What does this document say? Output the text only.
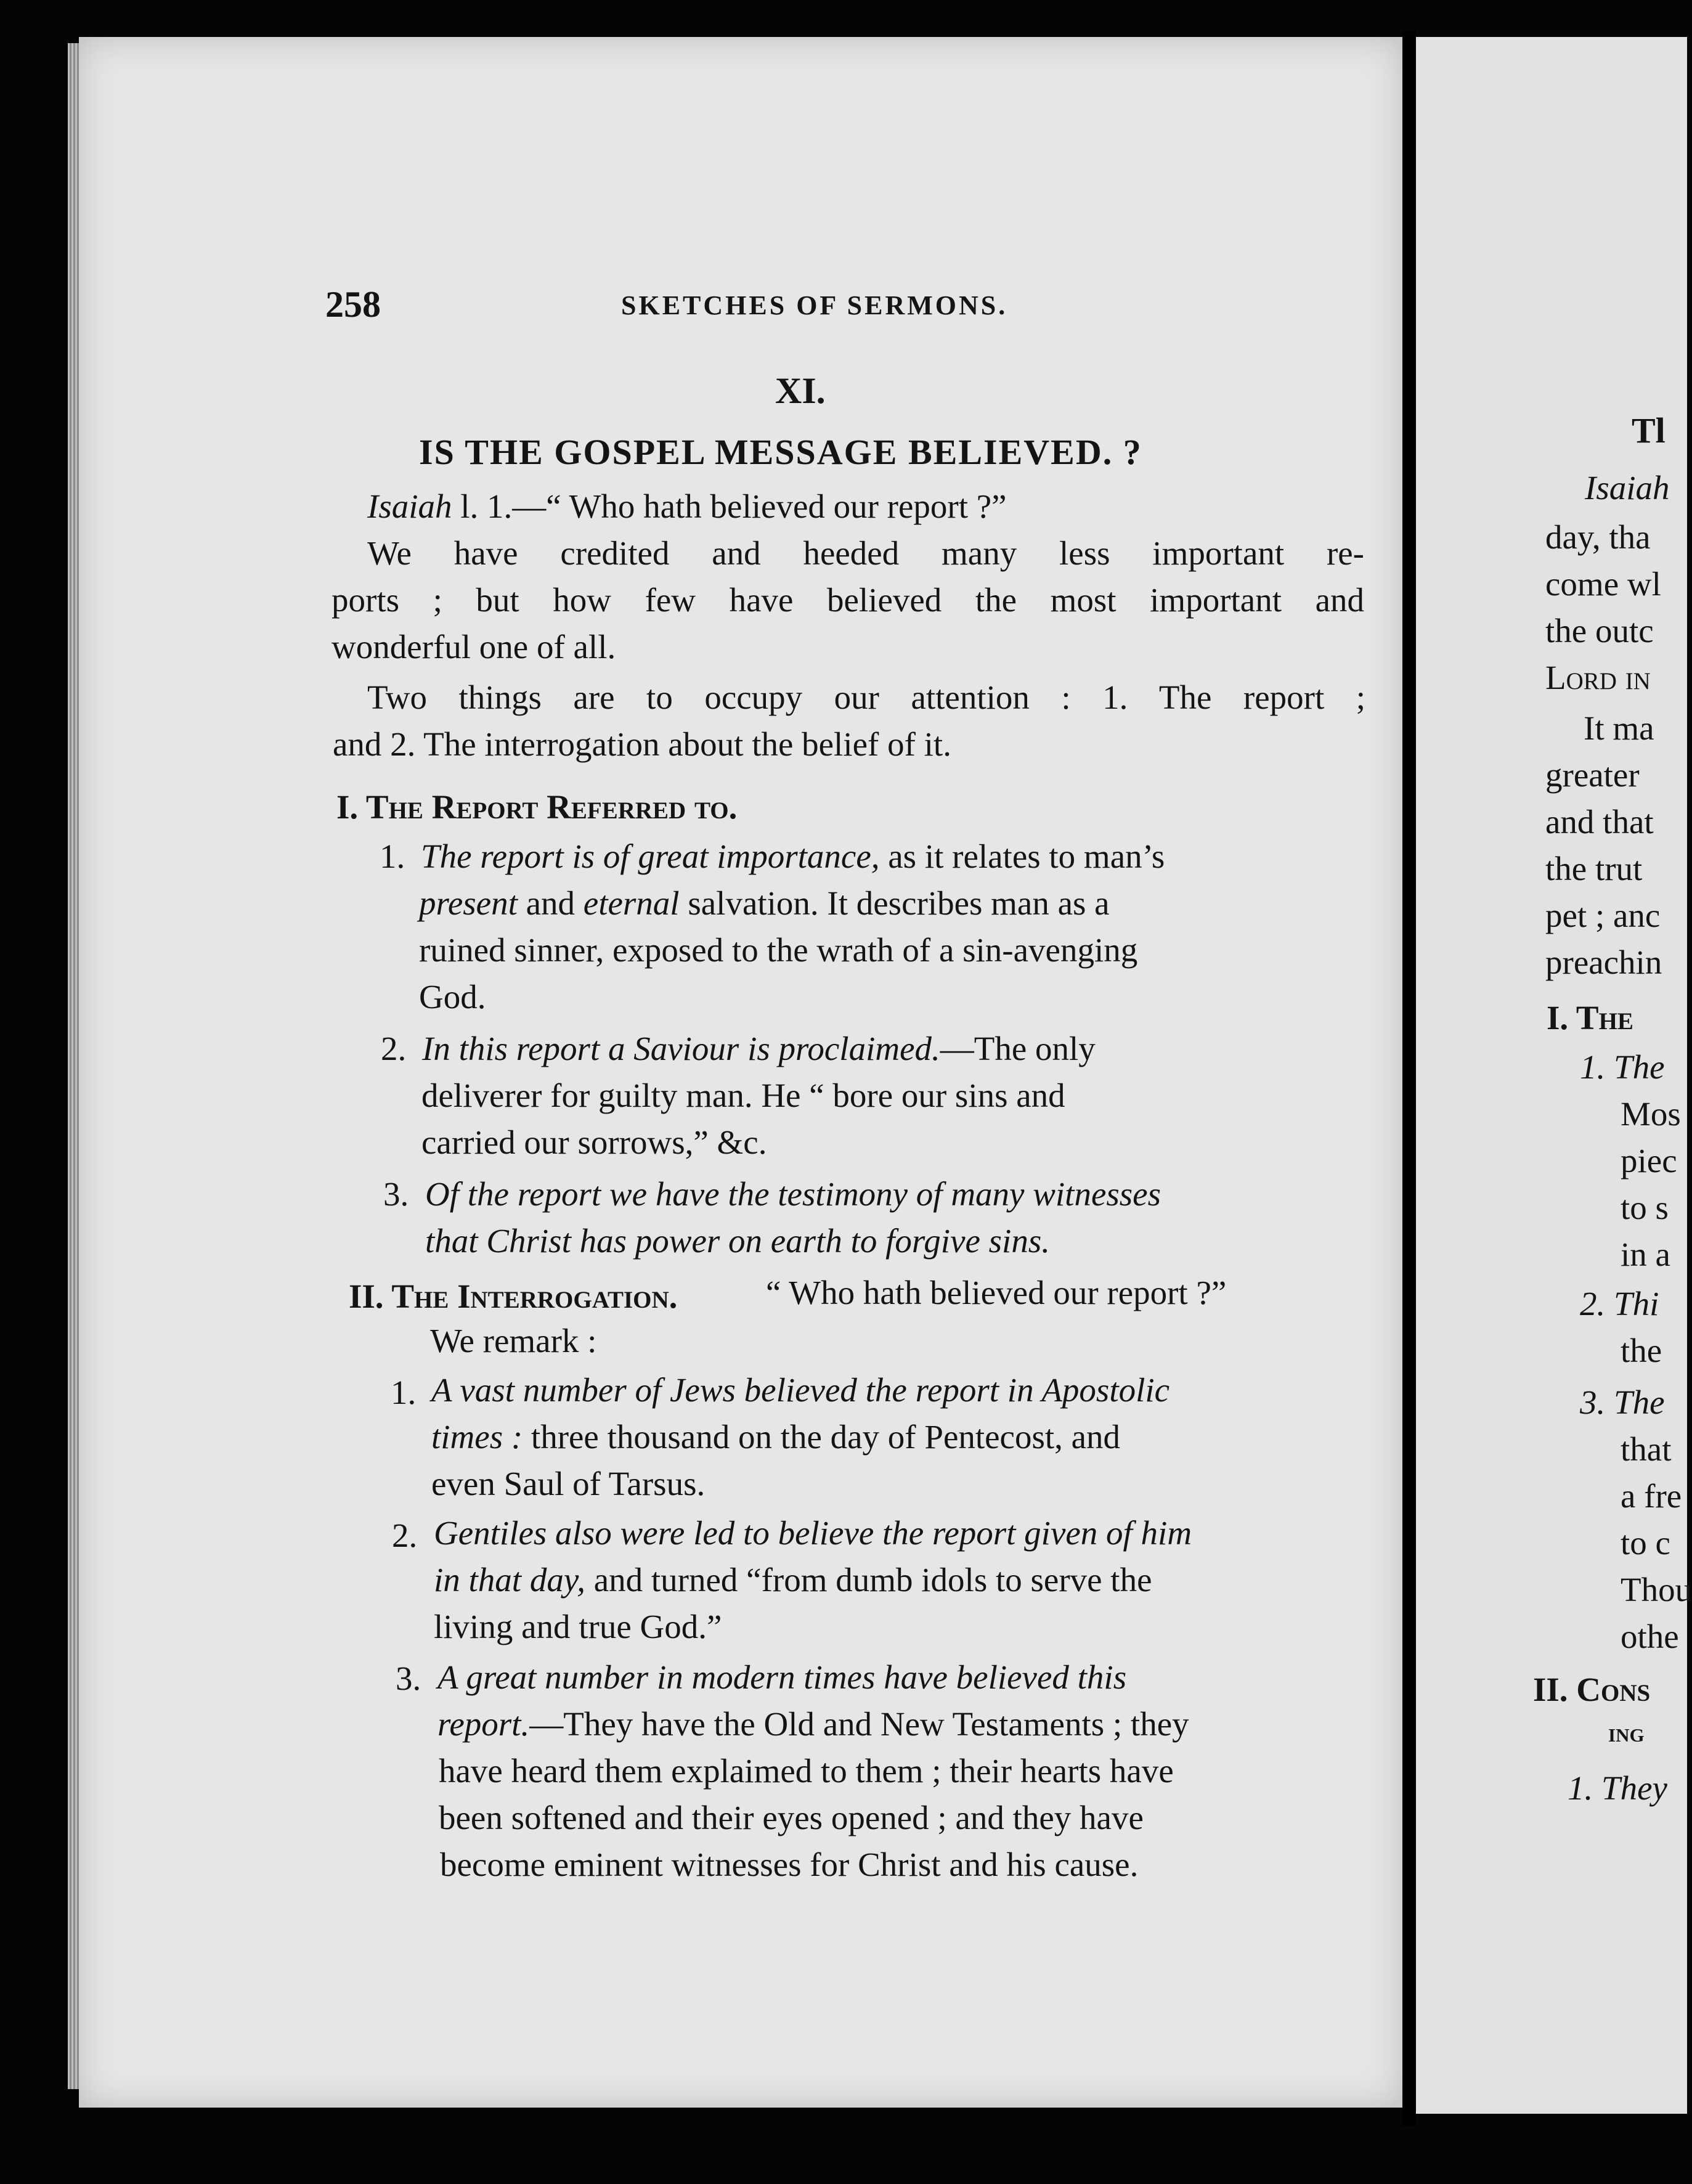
258	SKETCHES OF SERMONS.
XI.
IS THE GOSPEL MESSAGE BELIEVED. ?
Isaiah l. 1.—“ Who hath believed our report ?”
We have credited and heeded many less important re-
ports ; but how few have believed the most important and
wonderful one of all.
Two things are to occupy our attention : 1. The report ;
and 2. The interrogation about the belief of it.
I. The Report Referred to.
1. The report is of great importance, as it relates to man’s
present and eternal salvation. It describes man as a
ruined sinner, exposed to the wrath of a sin-avenging
God.
2. In this report a Saviour is proclaimed.—The only
deliverer for guilty man. He “ bore our sins and
carried our sorrows,” &c.
3. Of the report we have the testimony of many witnesses
that Christ has power on earth to forgive sins.
II. The Interrogation.	“ Who hath believed our report ?”
We remark :
1. A vast number of Jews believed the report in Apostolic
times : three thousand on the day of Pentecost, and
even Saul of Tarsus.
2. Gentiles also were led to believe the report given of him
in that day, and turned “from dumb idols to serve the
living and true God.”
3. A great number in modern times have believed this
report.—They have the Old and New Testaments ; they
have heard them explaimed to them ; their hearts have
been softened and their eyes opened ; and they have
become eminent witnesses for Christ and his cause.
Tl
Isaiah
day, tha
come wl
the outc
Lord in
It ma
greater
and that
the trut
pet ; anc
preachin
I. The
1. The
Mos
piec
to s
in a
2. Thi
the
3. The
that
a fre
to c
Thou
othe
II. Cons
ing
1. They
